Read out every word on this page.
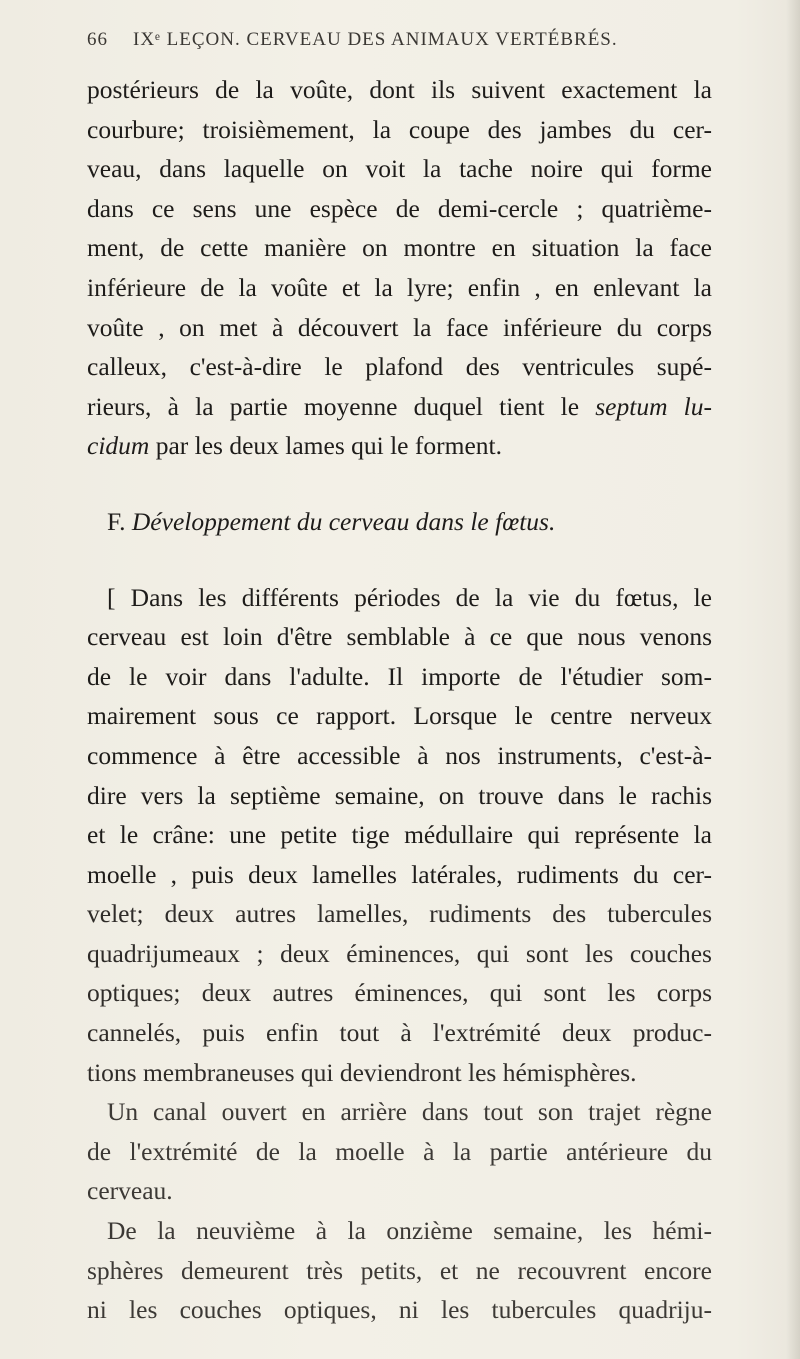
66 IXᵉ LEÇON. CERVEAU DES ANIMAUX VERTÉBRÉS.
postérieurs de la voûte, dont ils suivent exactement la
courbure; troisièmement, la coupe des jambes du cer-
veau, dans laquelle on voit la tache noire qui forme
dans ce sens une espèce de demi-cercle ; quatrième-
ment, de cette manière on montre en situation la face
inférieure de la voûte et la lyre; enfin , en enlevant la
voûte , on met à découvert la face inférieure du corps
calleux, c'est-à-dire le plafond des ventricules supé-
rieurs, à la partie moyenne duquel tient le septum lu-
cidum par les deux lames qui le forment.
F. Développement du cerveau dans le fœtus.
[ Dans les différents périodes de la vie du fœtus, le
cerveau est loin d'être semblable à ce que nous venons
de le voir dans l'adulte. Il importe de l'étudier som-
mairement sous ce rapport. Lorsque le centre nerveux
commence à être accessible à nos instruments, c'est-à-
dire vers la septième semaine, on trouve dans le rachis
et le crâne: une petite tige médullaire qui représente la
moelle , puis deux lamelles latérales, rudiments du cer-
velet; deux autres lamelles, rudiments des tubercules
quadrijumeaux ; deux éminences, qui sont les couches
optiques; deux autres éminences, qui sont les corps
cannelés, puis enfin tout à l'extrémité deux produc-
tions membraneuses qui deviendront les hémisphères.
Un canal ouvert en arrière dans tout son trajet règne
de l'extrémité de la moelle à la partie antérieure du
cerveau.
De la neuvième à la onzième semaine, les hémi-
sphères demeurent très petits, et ne recouvrent encore
ni les couches optiques, ni les tubercules quadriju-
